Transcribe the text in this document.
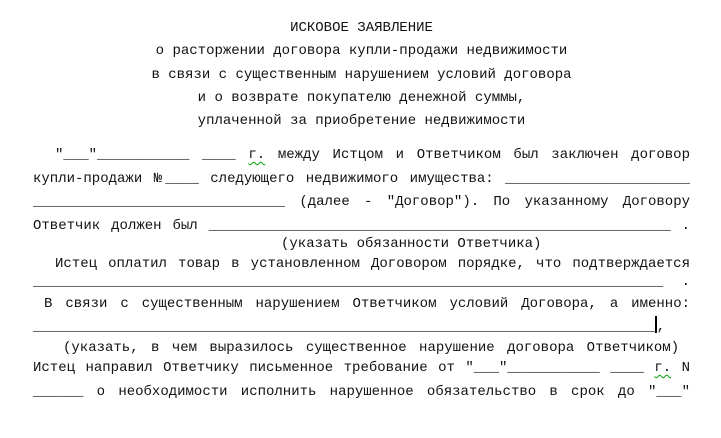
ИСКОВОЕ ЗАЯВЛЕНИЕ
о расторжении договора купли-продажи недвижимости
в связи с существенным нарушением условий договора
и о возврате покупателю денежной суммы,
уплаченной за приобретение недвижимости
"___"___________ ____ г. между Истцом и Ответчиком был заключен договор
купли-продажи №____ следующего недвижимого имущества: ______________________
______________________________ (далее - "Договор"). По указанному Договору
Ответчик должен был _______________________________________________________ .
(указать обязанности Ответчика)
Истец оплатил товар в установленном Договором порядке, что подтверждается
___________________________________________________________________________ .
В связи с существенным нарушением Ответчиком условий Договора, а именно:
__________________________________________________________________________ ,
(указать, в чем выразилось существенное нарушение договора Ответчиком)
Истец направил Ответчику письменное требование от "___"___________ ____ г. N
______ о необходимости исполнить нарушенное обязательство в срок до "___"
